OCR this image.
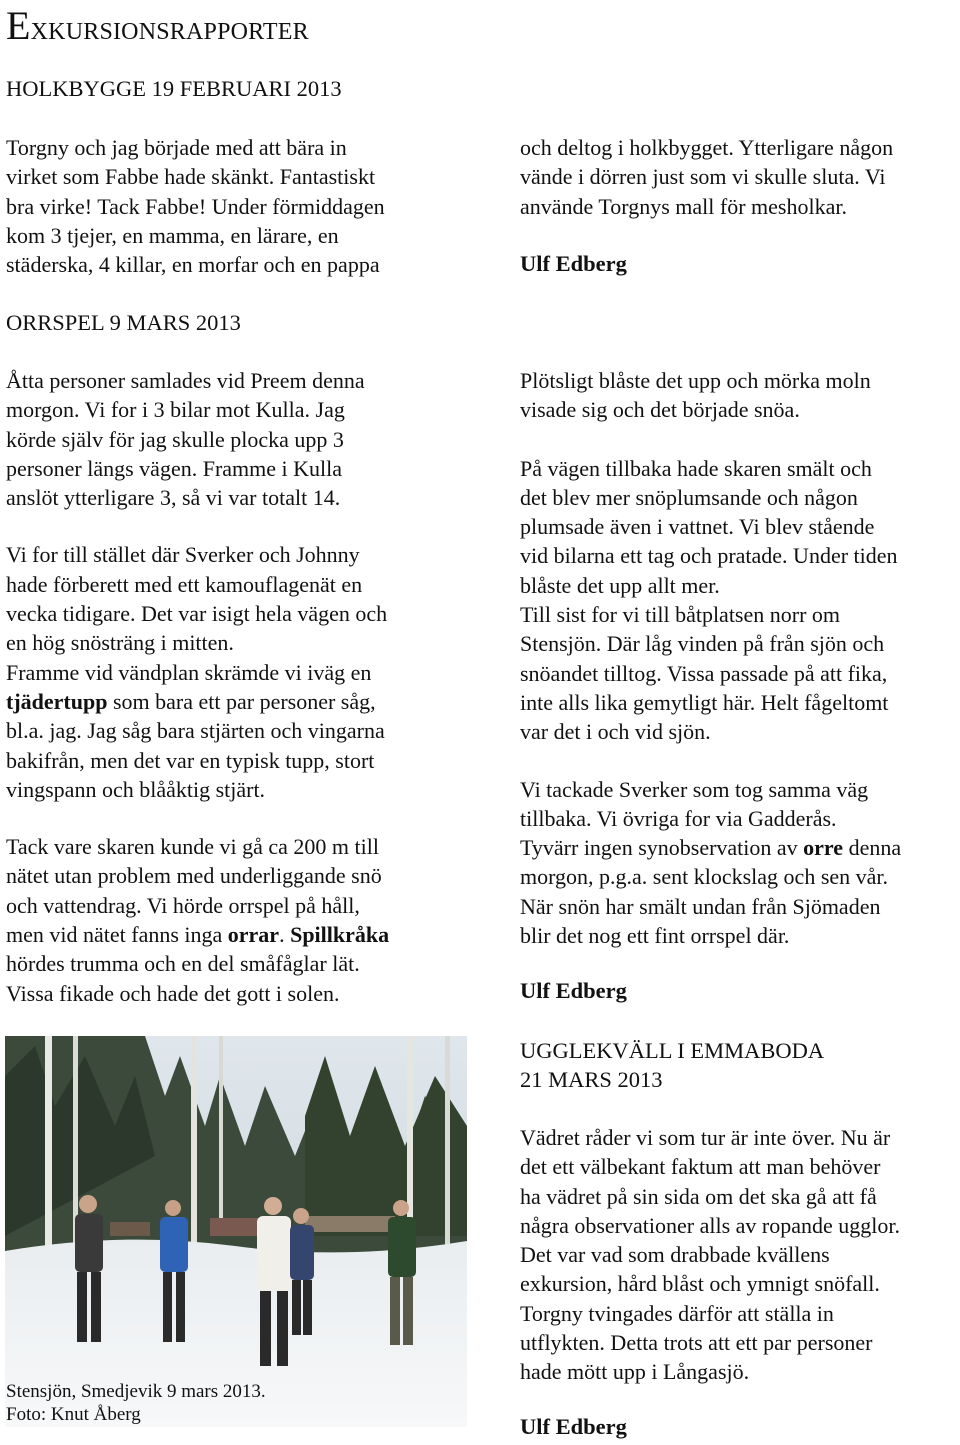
EXKURSIONSRAPPORTER
HOLKBYGGE 19 FEBRUARI 2013
Torgny och jag började med att bära in
virket som Fabbe hade skänkt. Fantastiskt
bra virke! Tack Fabbe! Under förmiddagen
kom 3 tjejer, en mamma, en lärare, en
städerska, 4 killar, en morfar och en pappa
och deltog i holkbygget. Ytterligare någon
vände i dörren just som vi skulle sluta. Vi
använde Torgnys mall för mesholkar.
Ulf Edberg
ORRSPEL 9 MARS 2013
Åtta personer samlades vid Preem denna
morgon. Vi for i 3 bilar mot Kulla. Jag
körde själv för jag skulle plocka upp 3
personer längs vägen. Framme i Kulla
anslöt ytterligare 3, så vi var totalt 14.
Vi for till stället där Sverker och Johnny
hade förberett med ett kamouflagenät en
vecka tidigare. Det var isigt hela vägen och
en hög snösträng i mitten.
Framme vid vändplan skrämde vi iväg en
tjädertupp som bara ett par personer såg,
bl.a. jag. Jag såg bara stjärten och vingarna
bakifrån, men det var en typisk tupp, stort
vingspann och blååktig stjärt.
Tack vare skaren kunde vi gå ca 200 m till
nätet utan problem med underliggande snö
och vattendrag. Vi hörde orrspel på håll,
men vid nätet fanns inga orrar. Spillkråka
hördes trumma och en del småfåglar lät.
Vissa fikade och hade det gott i solen.
Plötsligt blåste det upp och mörka moln
visade sig och det började snöa.
På vägen tillbaka hade skaren smält och
det blev mer snöplumsande och någon
plumsade även i vattnet. Vi blev stående
vid bilarna ett tag och pratade. Under tiden
blåste det upp allt mer.
Till sist for vi till båtplatsen norr om
Stensjön. Där låg vinden på från sjön och
snöandet tilltog. Vissa passade på att fika,
inte alls lika gemytligt här. Helt fågeltomt
var det i och vid sjön.
Vi tackade Sverker som tog samma väg
tillbaka. Vi övriga for via Gadderås.
Tyvärr ingen synobservation av orre denna
morgon, p.g.a. sent klockslag och sen vår.
När snön har smält undan från Sjömaden
blir det nog ett fint orrspel där.
Ulf Edberg
Stensjön, Smedjevik 9 mars 2013.
Foto: Knut Åberg
UGGLEKVÄLL I EMMABODA
21 MARS 2013
Vädret råder vi som tur är inte över. Nu är
det ett välbekant faktum att man behöver
ha vädret på sin sida om det ska gå att få
några observationer alls av ropande ugglor.
Det var vad som drabbade kvällens
exkursion, hård blåst och ymnigt snöfall.
Torgny tvingades därför att ställa in
utflykten. Detta trots att ett par personer
hade mött upp i Långasjö.
Ulf Edberg
